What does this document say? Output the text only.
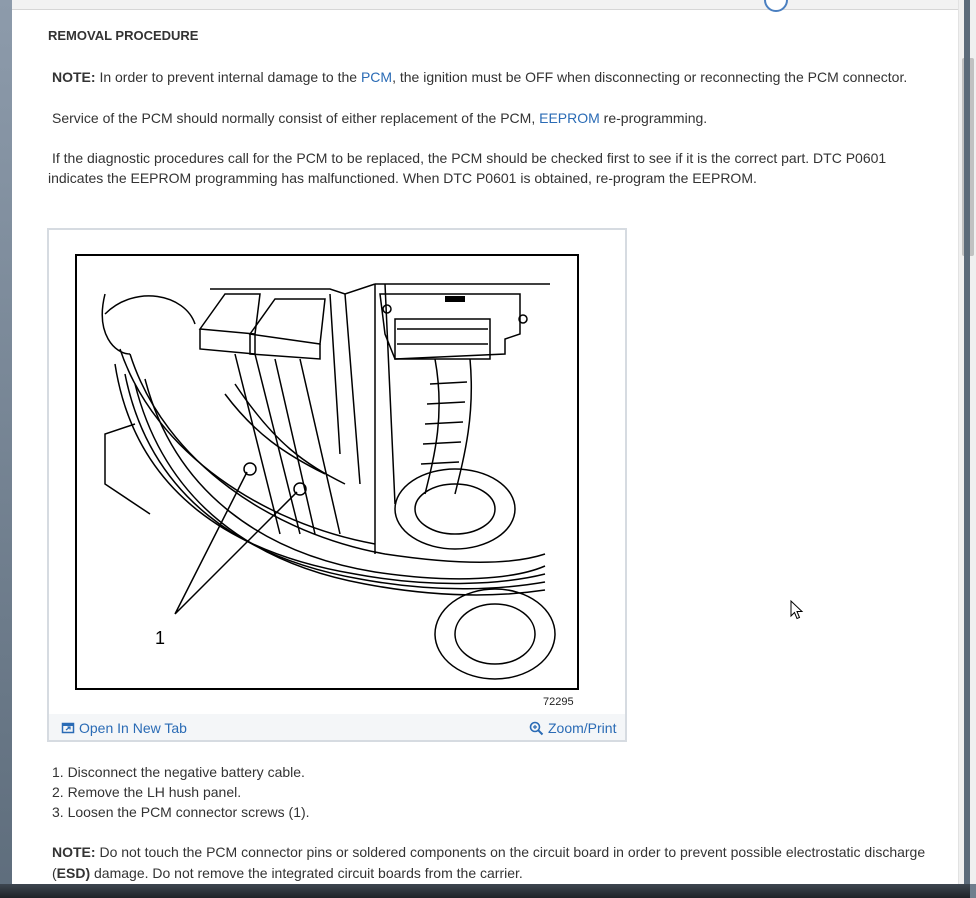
REMOVAL PROCEDURE

NOTE: In order to prevent internal damage to the PCM, the ignition must be OFF when disconnecting or reconnecting the PCM connector.

Service of the PCM should normally consist of either replacement of the PCM, EEPROM re-programming.

If the diagnostic procedures call for the PCM to be replaced, the PCM should be checked first to see if it is the correct part. DTC P0601 indicates the EEPROM programming has malfunctioned. When DTC P0601 is obtained, re-program the EEPROM.

1
72295
Open In New Tab	Zoom/Print
1. Disconnect the negative battery cable.
2. Remove the LH hush panel.
3. Loosen the PCM connector screws (1).

NOTE: Do not touch the PCM connector pins or soldered components on the circuit board in order to prevent possible electrostatic discharge (ESD) damage. Do not remove the integrated circuit boards from the carrier.
